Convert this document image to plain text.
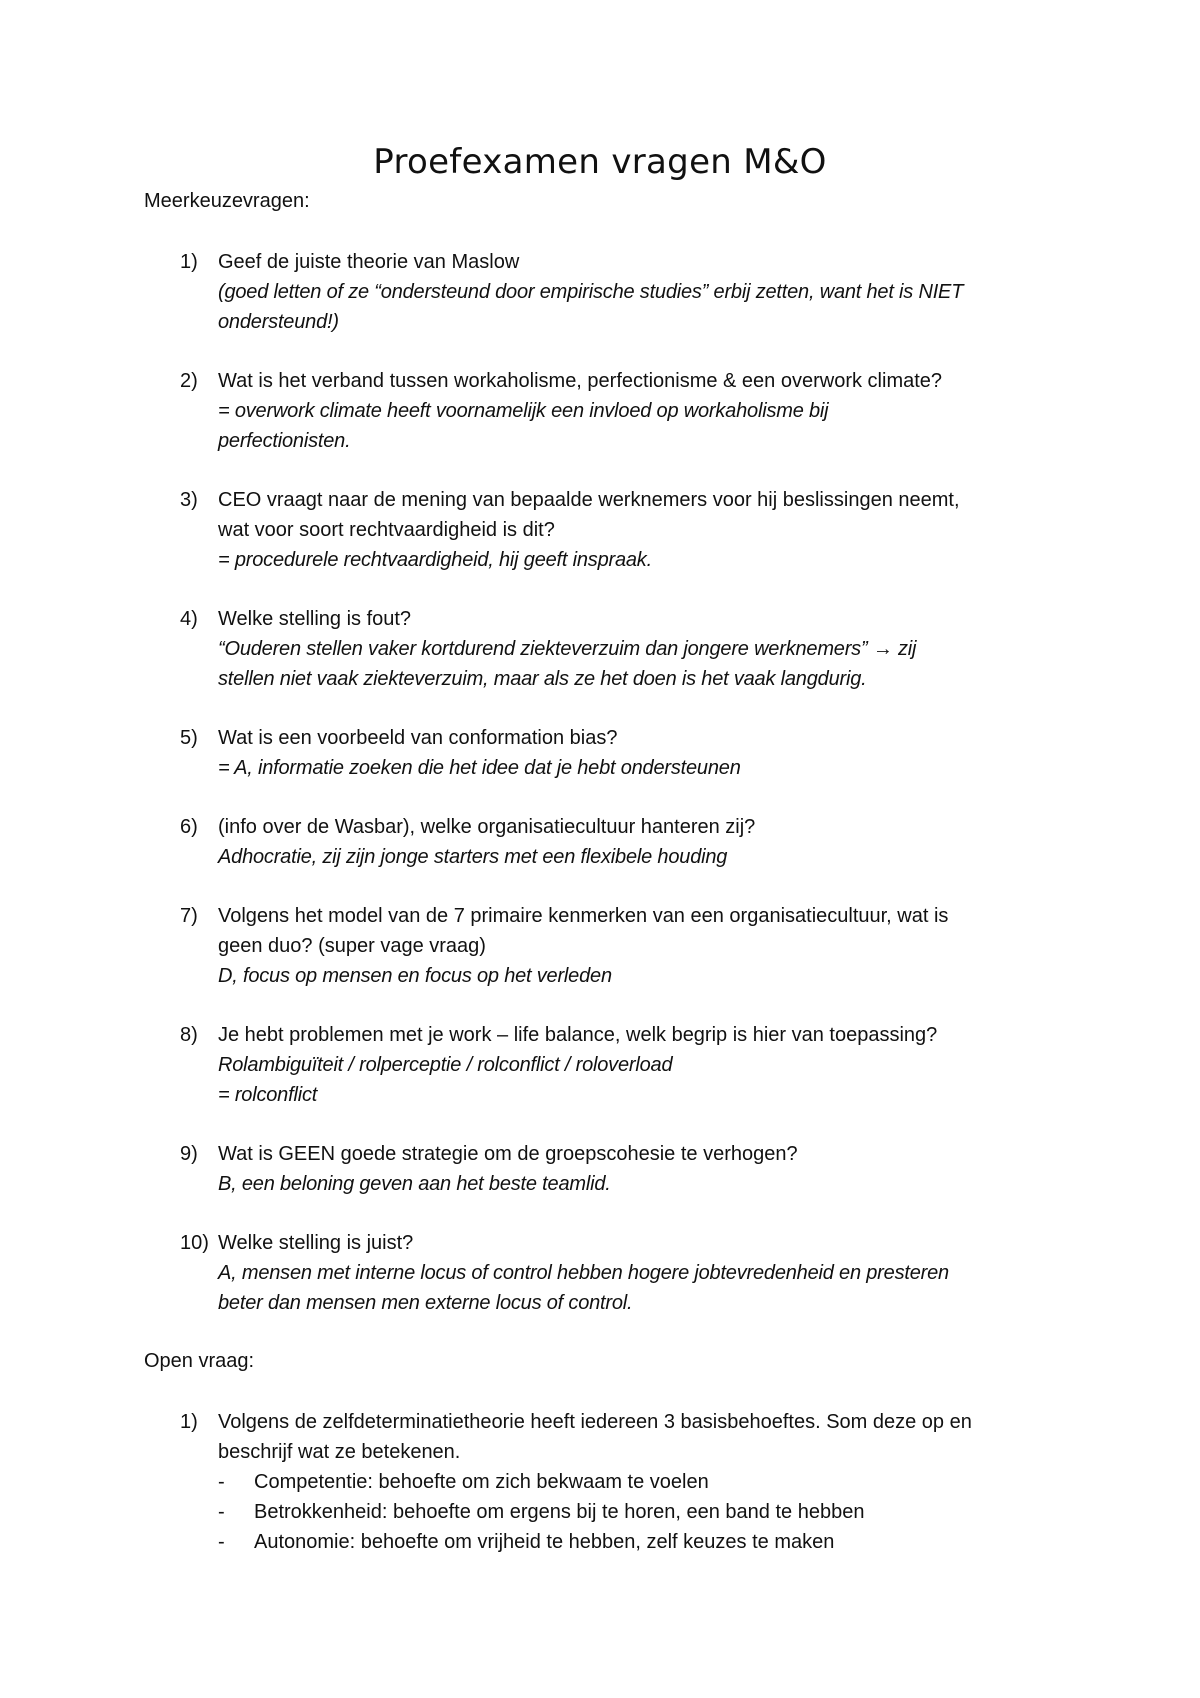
Proefexamen vragen M&O

Meerkeuzevragen:

1)	Geef de juiste theorie van Maslow
(goed letten of ze “ondersteund door empirische studies” erbij zetten, want het is NIET
ondersteund!)
2)	Wat is het verband tussen workaholisme, perfectionisme & een overwork climate?
= overwork climate heeft voornamelijk een invloed op workaholisme bij
perfectionisten.
3)	CEO vraagt naar de mening van bepaalde werknemers voor hij beslissingen neemt,
wat voor soort rechtvaardigheid is dit?
= procedurele rechtvaardigheid, hij geeft inspraak.
4)	Welke stelling is fout?
“Ouderen stellen vaker kortdurend ziekteverzuim dan jongere werknemers” → zij
stellen niet vaak ziekteverzuim, maar als ze het doen is het vaak langdurig.
5)	Wat is een voorbeeld van conformation bias?
= A, informatie zoeken die het idee dat je hebt ondersteunen
6)	(info over de Wasbar), welke organisatiecultuur hanteren zij?
Adhocratie, zij zijn jonge starters met een flexibele houding
7)	Volgens het model van de 7 primaire kenmerken van een organisatiecultuur, wat is
geen duo? (super vage vraag)
D, focus op mensen en focus op het verleden
8)	Je hebt problemen met je work – life balance, welk begrip is hier van toepassing?
Rolambiguïteit / rolperceptie / rolconflict / roloverload
= rolconflict
9)	Wat is GEEN goede strategie om de groepscohesie te verhogen?
B, een beloning geven aan het beste teamlid.
10) Welke stelling is juist?
A, mensen met interne locus of control hebben hogere jobtevredenheid en presteren
beter dan mensen men externe locus of control.

Open vraag:

1)	Volgens de zelfdeterminatietheorie heeft iedereen 3 basisbehoeftes. Som deze op en
beschrijf wat ze betekenen.
- Competentie: behoefte om zich bekwaam te voelen
- Betrokkenheid: behoefte om ergens bij te horen, een band te hebben
- Autonomie: behoefte om vrijheid te hebben, zelf keuzes te maken
